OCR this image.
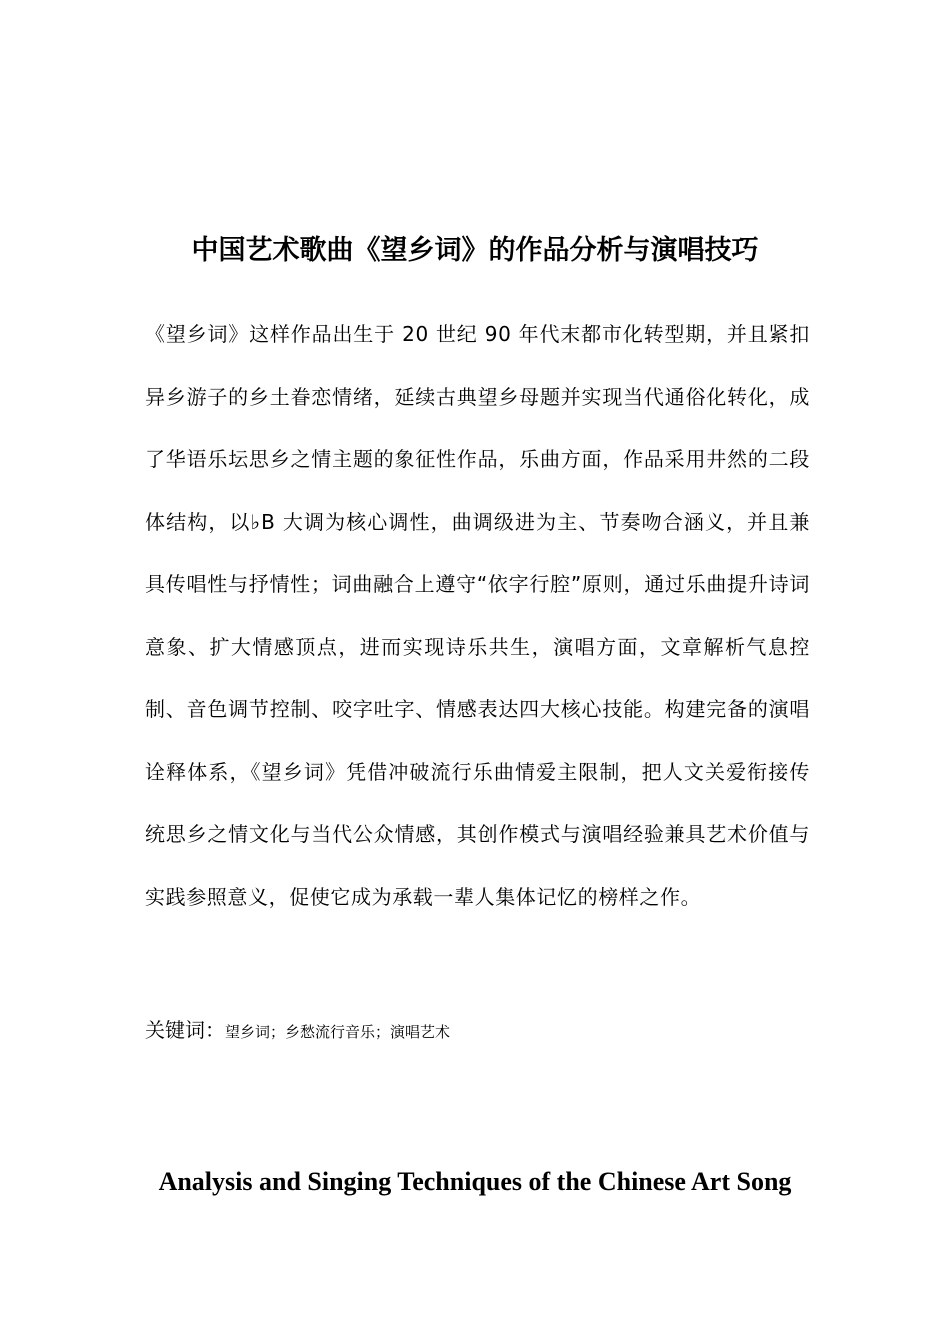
中国艺术歌曲《望乡词》的作品分析与演唱技巧

《望乡词》这样作品出生于 20 世纪 90 年代末都市化转型期，并且紧扣异乡游子的乡土眷恋情绪，延续古典望乡母题并实现当代通俗化转化，成了华语乐坛思乡之情主题的象征性作品，乐曲方面，作品采用井然的二段体结构，以♭B 大调为核心调性，曲调级进为主、节奏吻合涵义，并且兼具传唱性与抒情性；词曲融合上遵守“依字行腔”原则，通过乐曲提升诗词意象、扩大情感顶点，进而实现诗乐共生，演唱方面，文章解析气息控制、音色调节控制、咬字吐字、情感表达四大核心技能。构建完备的演唱诠释体系，《望乡词》凭借冲破流行乐曲情爱主限制，把人文关爱衔接传统思乡之情文化与当代公众情感，其创作模式与演唱经验兼具艺术价值与实践参照意义，促使它成为承载一辈人集体记忆的榜样之作。

关键词：望乡词；乡愁流行音乐；演唱艺术
Analysis and Singing Techniques of the Chinese Art Song
